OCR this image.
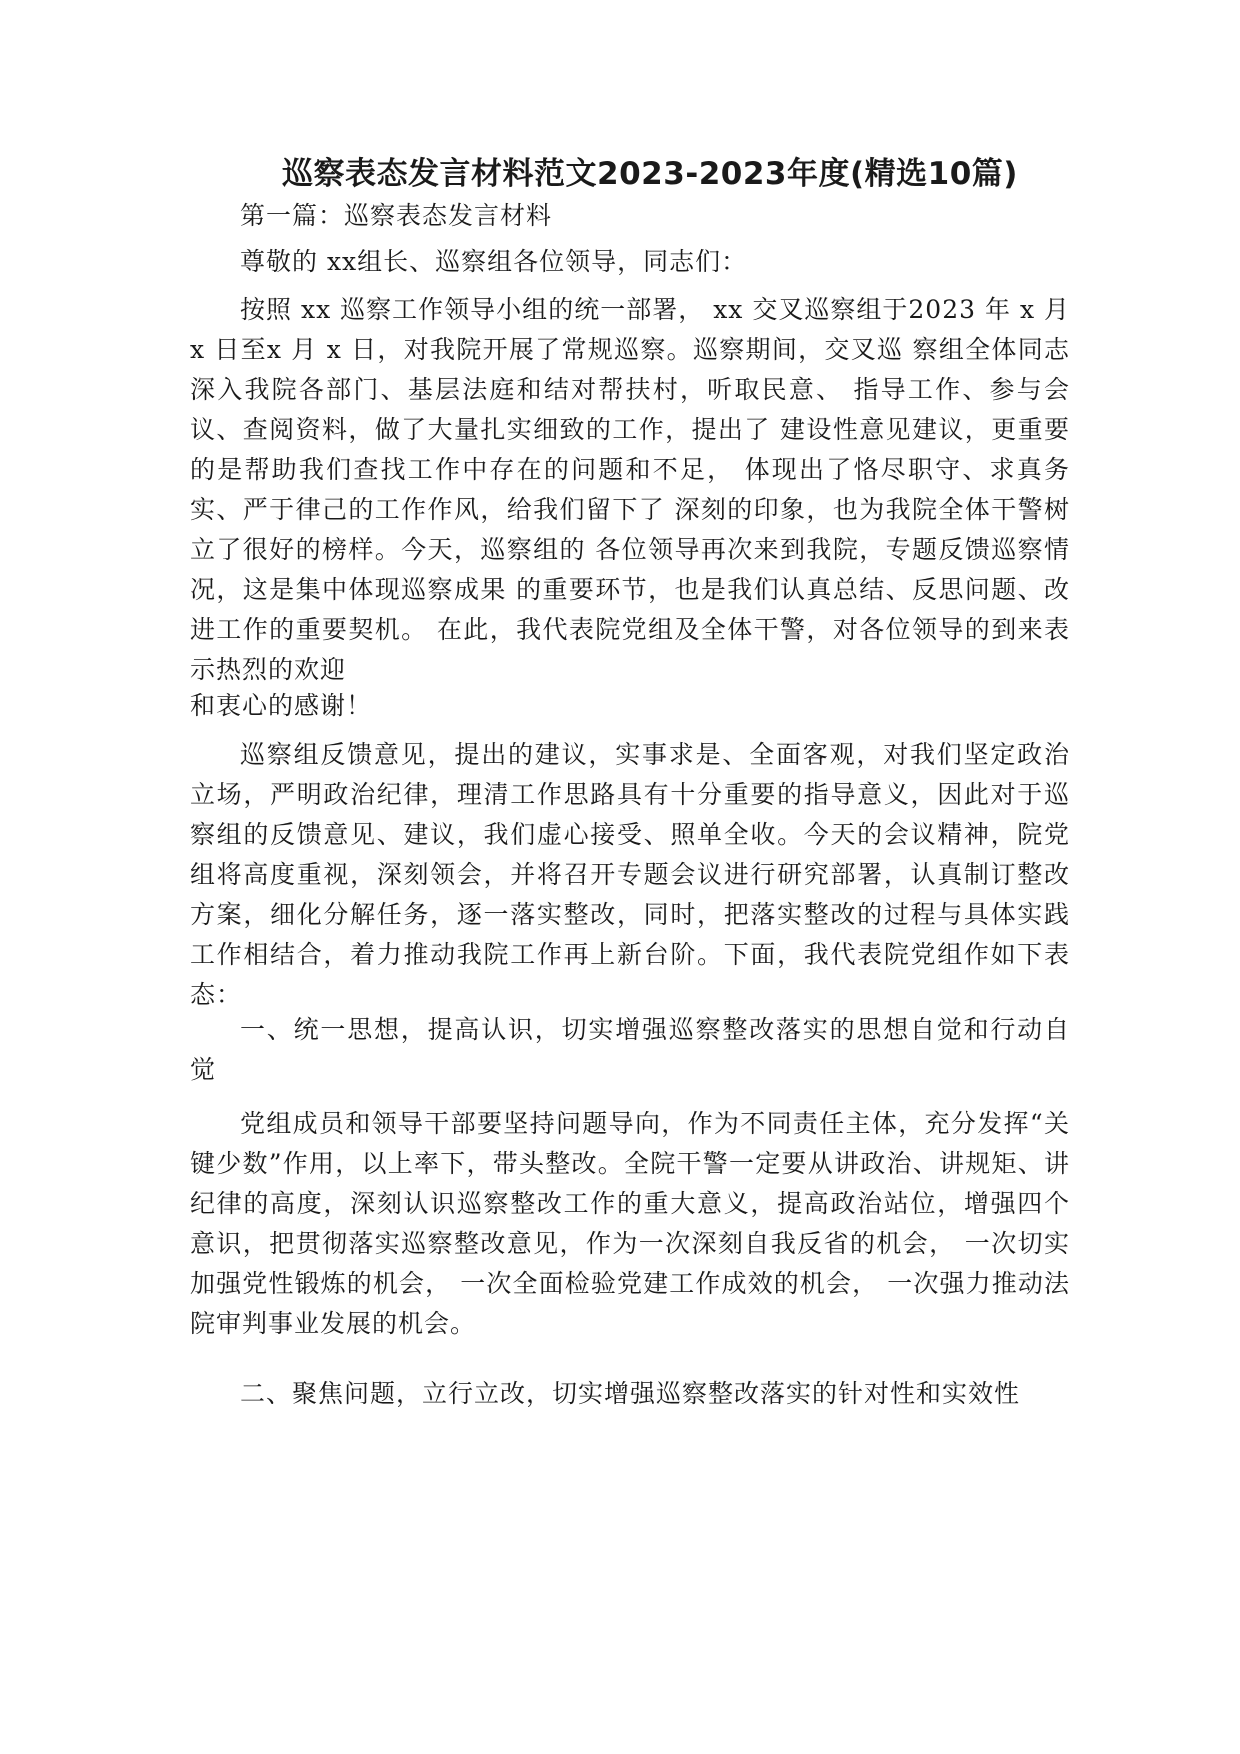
巡察表态发言材料范文2023-2023年度(精选10篇)
第一篇：巡察表态发言材料
尊敬的 xx组长、巡察组各位领导，同志们：
按照 xx 巡察工作领导小组的统一部署， xx 交叉巡察组于2023 年 x 月 x 日至x 月 x 日，对我院开展了常规巡察。巡察期间，交叉巡 察组全体同志深入我院各部门、基层法庭和结对帮扶村，听取民意、 指导工作、参与会议、查阅资料，做了大量扎实细致的工作，提出了 建设性意见建议，更重要的是帮助我们查找工作中存在的问题和不足， 体现出了恪尽职守、求真务实、严于律己的工作作风，给我们留下了 深刻的印象，也为我院全体干警树立了很好的榜样。今天，巡察组的 各位领导再次来到我院，专题反馈巡察情况，这是集中体现巡察成果 的重要环节，也是我们认真总结、反思问题、改进工作的重要契机。 在此，我代表院党组及全体干警，对各位领导的到来表示热烈的欢迎
和衷心的感谢！
巡察组反馈意见，提出的建议，实事求是、全面客观，对我们坚定政治立场，严明政治纪律，理清工作思路具有十分重要的指导意义，因此对于巡察组的反馈意见、建议，我们虚心接受、照单全收。今天的会议精神，院党组将高度重视，深刻领会，并将召开专题会议进行研究部署，认真制订整改方案，细化分解任务，逐一落实整改，同时，把落实整改的过程与具体实践工作相结合，着力推动我院工作再上新台阶。下面，我代表院党组作如下表态：
一、统一思想，提高认识，切实增强巡察整改落实的思想自觉和行动自觉
党组成员和领导干部要坚持问题导向，作为不同责任主体，充分发挥“关键少数”作用，以上率下，带头整改。全院干警一定要从讲政治、讲规矩、讲纪律的高度，深刻认识巡察整改工作的重大意义，提高政治站位，增强四个意识，把贯彻落实巡察整改意见，作为一次深刻自我反省的机会， 一次切实加强党性锻炼的机会， 一次全面检验党建工作成效的机会， 一次强力推动法院审判事业发展的机会。
二、聚焦问题，立行立改，切实增强巡察整改落实的针对性和实效性
